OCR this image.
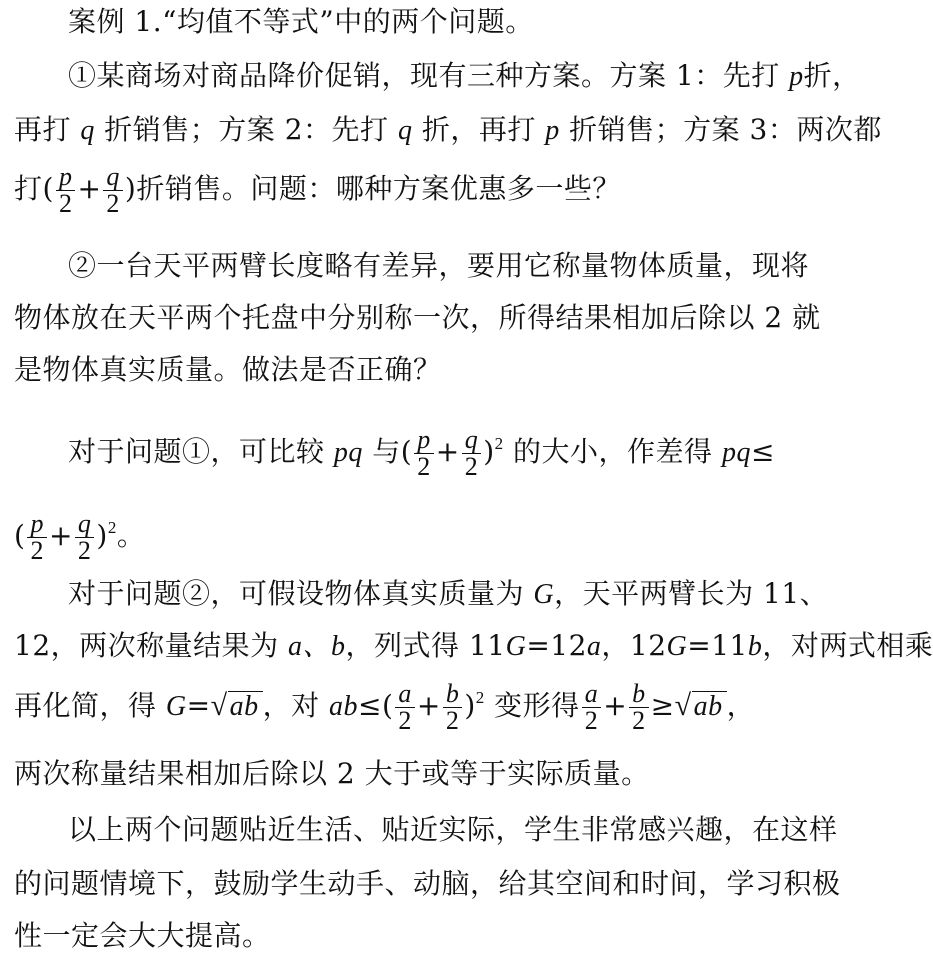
案例 1.“均值不等式”中的两个问题。
①某商场对商品降价促销，现有三种方案。方案 1：先打 p折，
再打 q 折销售；方案 2：先打 q 折，再打 p 折销售；方案 3：两次都
打( $\frac{p}{2} + \frac{q}{2}$ )折销售。问题：哪种方案优惠多一些？
②一台天平两臂长度略有差异，要用它称量物体质量，现将
物体放在天平两个托盘中分别称一次，所得结果相加后除以 2 就
是物体真实质量。做法是否正确？
对于问题①，可比较 pq 与( $\frac{p}{2} + \frac{q}{2} )^2$ 的大小，作差得 pq≤
( $\frac{p}{2} + \frac{q}{2} )^2$。
对于问题②，可假设物体真实质量为 G，天平两臂长为 11、
12，两次称量结果为 a、b，列式得 11G=12a，12G=11b，对两式相乘
再化简，得 G=√ab ，对 $ab\le( \frac{a}{2} + \frac{b}{2} )^2$ 变形得 $\frac{a}{2} + \frac{b}{2} \ge√ab$ ，
两次称量结果相加后除以 2 大于或等于实际质量。
以上两个问题贴近生活、贴近实际，学生非常感兴趣，在这样
的问题情境下，鼓励学生动手、动脑，给其空间和时间，学习积极
性一定会大大提高。
